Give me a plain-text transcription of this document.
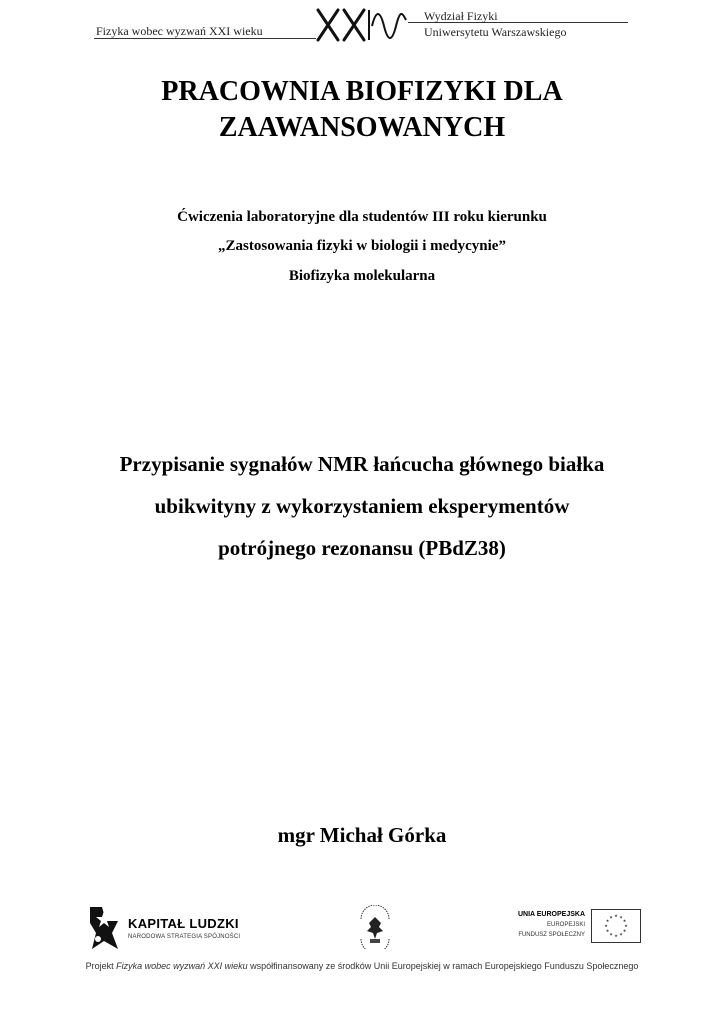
Fizyka wobec wyzwań XXI wieku
Wydział Fizyki
Uniwersytetu Warszawskiego
PRACOWNIA BIOFIZYKI DLA
ZAAWANSOWANYCH
Ćwiczenia laboratoryjne dla studentów III roku kierunku
„Zastosowania fizyki w biologii i medycynie”
Biofizyka molekularna
Przypisanie sygnałów NMR łańcucha głównego białka
ubikwityny z wykorzystaniem eksperymentów
potrójnego rezonansu (PBdZ38)
mgr Michał Górka
KAPITAŁ LUDZKI
NARODOWA STRATEGIA SPÓJNOŚCI
UNIA EUROPEJSKA
EUROPEJSKI
FUNDUSZ SPOŁECZNY
★ ★
★
★
★
★
★
★
★
★
★
★
Projekt Fizyka wobec wyzwań XXI wieku współfinansowany ze środków Unii Europejskiej w ramach Europejskiego Funduszu Społecznego
